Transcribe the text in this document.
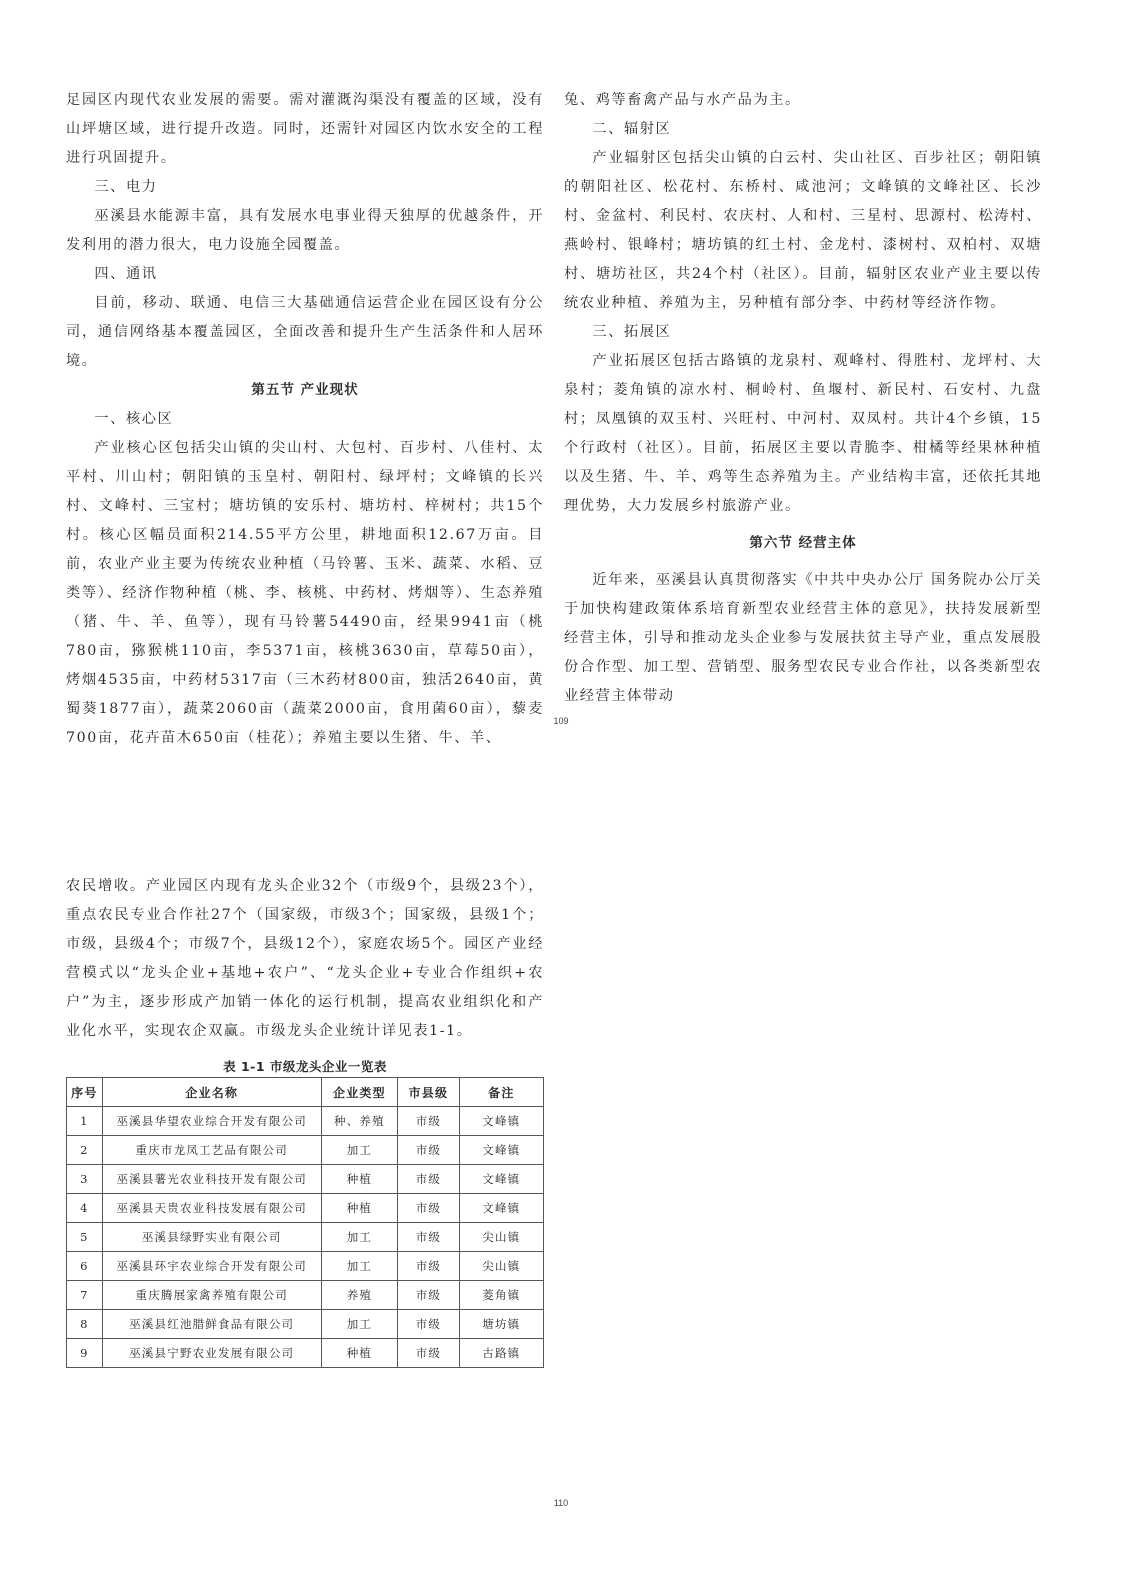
足园区内现代农业发展的需要。需对灌溉沟渠没有覆盖的区域，没有山坪塘区域，进行提升改造。同时，还需针对园区内饮水安全的工程进行巩固提升。

三、电力

巫溪县水能源丰富，具有发展水电事业得天独厚的优越条件，开发利用的潜力很大，电力设施全园覆盖。

四、通讯

目前，移动、联通、电信三大基础通信运营企业在园区设有分公司，通信网络基本覆盖园区，全面改善和提升生产生活条件和人居环境。

第五节 产业现状

一、核心区

产业核心区包括尖山镇的尖山村、大包村、百步村、八佳村、太平村、川山村；朝阳镇的玉皇村、朝阳村、绿坪村；文峰镇的长兴村、文峰村、三宝村；塘坊镇的安乐村、塘坊村、梓树村；共15个村。核心区幅员面积214.55平方公里，耕地面积12.67万亩。目前，农业产业主要为传统农业种植（马铃薯、玉米、蔬菜、水稻、豆类等）、经济作物种植（桃、李、核桃、中药材、烤烟等）、生态养殖（猪、牛、羊、鱼等），现有马铃薯54490亩，经果9941亩（桃780亩，猕猴桃110亩，李5371亩，核桃3630亩，草莓50亩），烤烟4535亩，中药材5317亩（三木药材800亩，独活2640亩，黄蜀葵1877亩），蔬菜2060亩（蔬菜2000亩，食用菌60亩），藜麦700亩，花卉苗木650亩（桂花）；养殖主要以生猪、牛、羊、

兔、鸡等畜禽产品与水产品为主。

二、辐射区

产业辐射区包括尖山镇的白云村、尖山社区、百步社区；朝阳镇的朝阳社区、松花村、东桥村、咸池河；文峰镇的文峰社区、长沙村、金盆村、利民村、农庆村、人和村、三星村、思源村、松涛村、燕岭村、银峰村；塘坊镇的红土村、金龙村、漆树村、双柏村、双塘村、塘坊社区，共24个村（社区）。目前，辐射区农业产业主要以传统农业种植、养殖为主，另种植有部分李、中药材等经济作物。

三、拓展区

产业拓展区包括古路镇的龙泉村、观峰村、得胜村、龙坪村、大泉村；菱角镇的凉水村、桐岭村、鱼堰村、新民村、石安村、九盘村；凤凰镇的双玉村、兴旺村、中河村、双凤村。共计4个乡镇，15个行政村（社区）。目前，拓展区主要以青脆李、柑橘等经果林种植以及生猪、牛、羊、鸡等生态养殖为主。产业结构丰富，还依托其地理优势，大力发展乡村旅游产业。

第六节 经营主体

近年来，巫溪县认真贯彻落实《中共中央办公厅 国务院办公厅关于加快构建政策体系培育新型农业经营主体的意见》，扶持发展新型经营主体，引导和推动龙头企业参与发展扶贫主导产业，重点发展股份合作型、加工型、营销型、服务型农民专业合作社，以各类新型农业经营主体带动

109

农民增收。产业园区内现有龙头企业32个（市级9个，县级23个），重点农民专业合作社27个（国家级，市级3个；国家级，县级1个；市级，县级4个；市级7个，县级12个），家庭农场5个。园区产业经营模式以“龙头企业+基地+农户”、“龙头企业+专业合作组织+农户”为主，逐步形成产加销一体化的运行机制，提高农业组织化和产业化水平，实现农企双赢。市级龙头企业统计详见表1-1。

表 1-1 市级龙头企业一览表
序号	企业名称	企业类型	市县级	备注
1	巫溪县华望农业综合开发有限公司	种、养殖	市级	文峰镇
2	重庆市龙凤工艺品有限公司	加工	市级	文峰镇
3	巫溪县薯光农业科技开发有限公司	种植	市级	文峰镇
4	巫溪县天贵农业科技发展有限公司	种植	市级	文峰镇
5	巫溪县绿野实业有限公司	加工	市级	尖山镇
6	巫溪县环宇农业综合开发有限公司	加工	市级	尖山镇
7	重庆腾展家禽养殖有限公司	养殖	市级	菱角镇
8	巫溪县红池腊鲜食品有限公司	加工	市级	塘坊镇
9	巫溪县宁野农业发展有限公司	种植	市级	古路镇
110
